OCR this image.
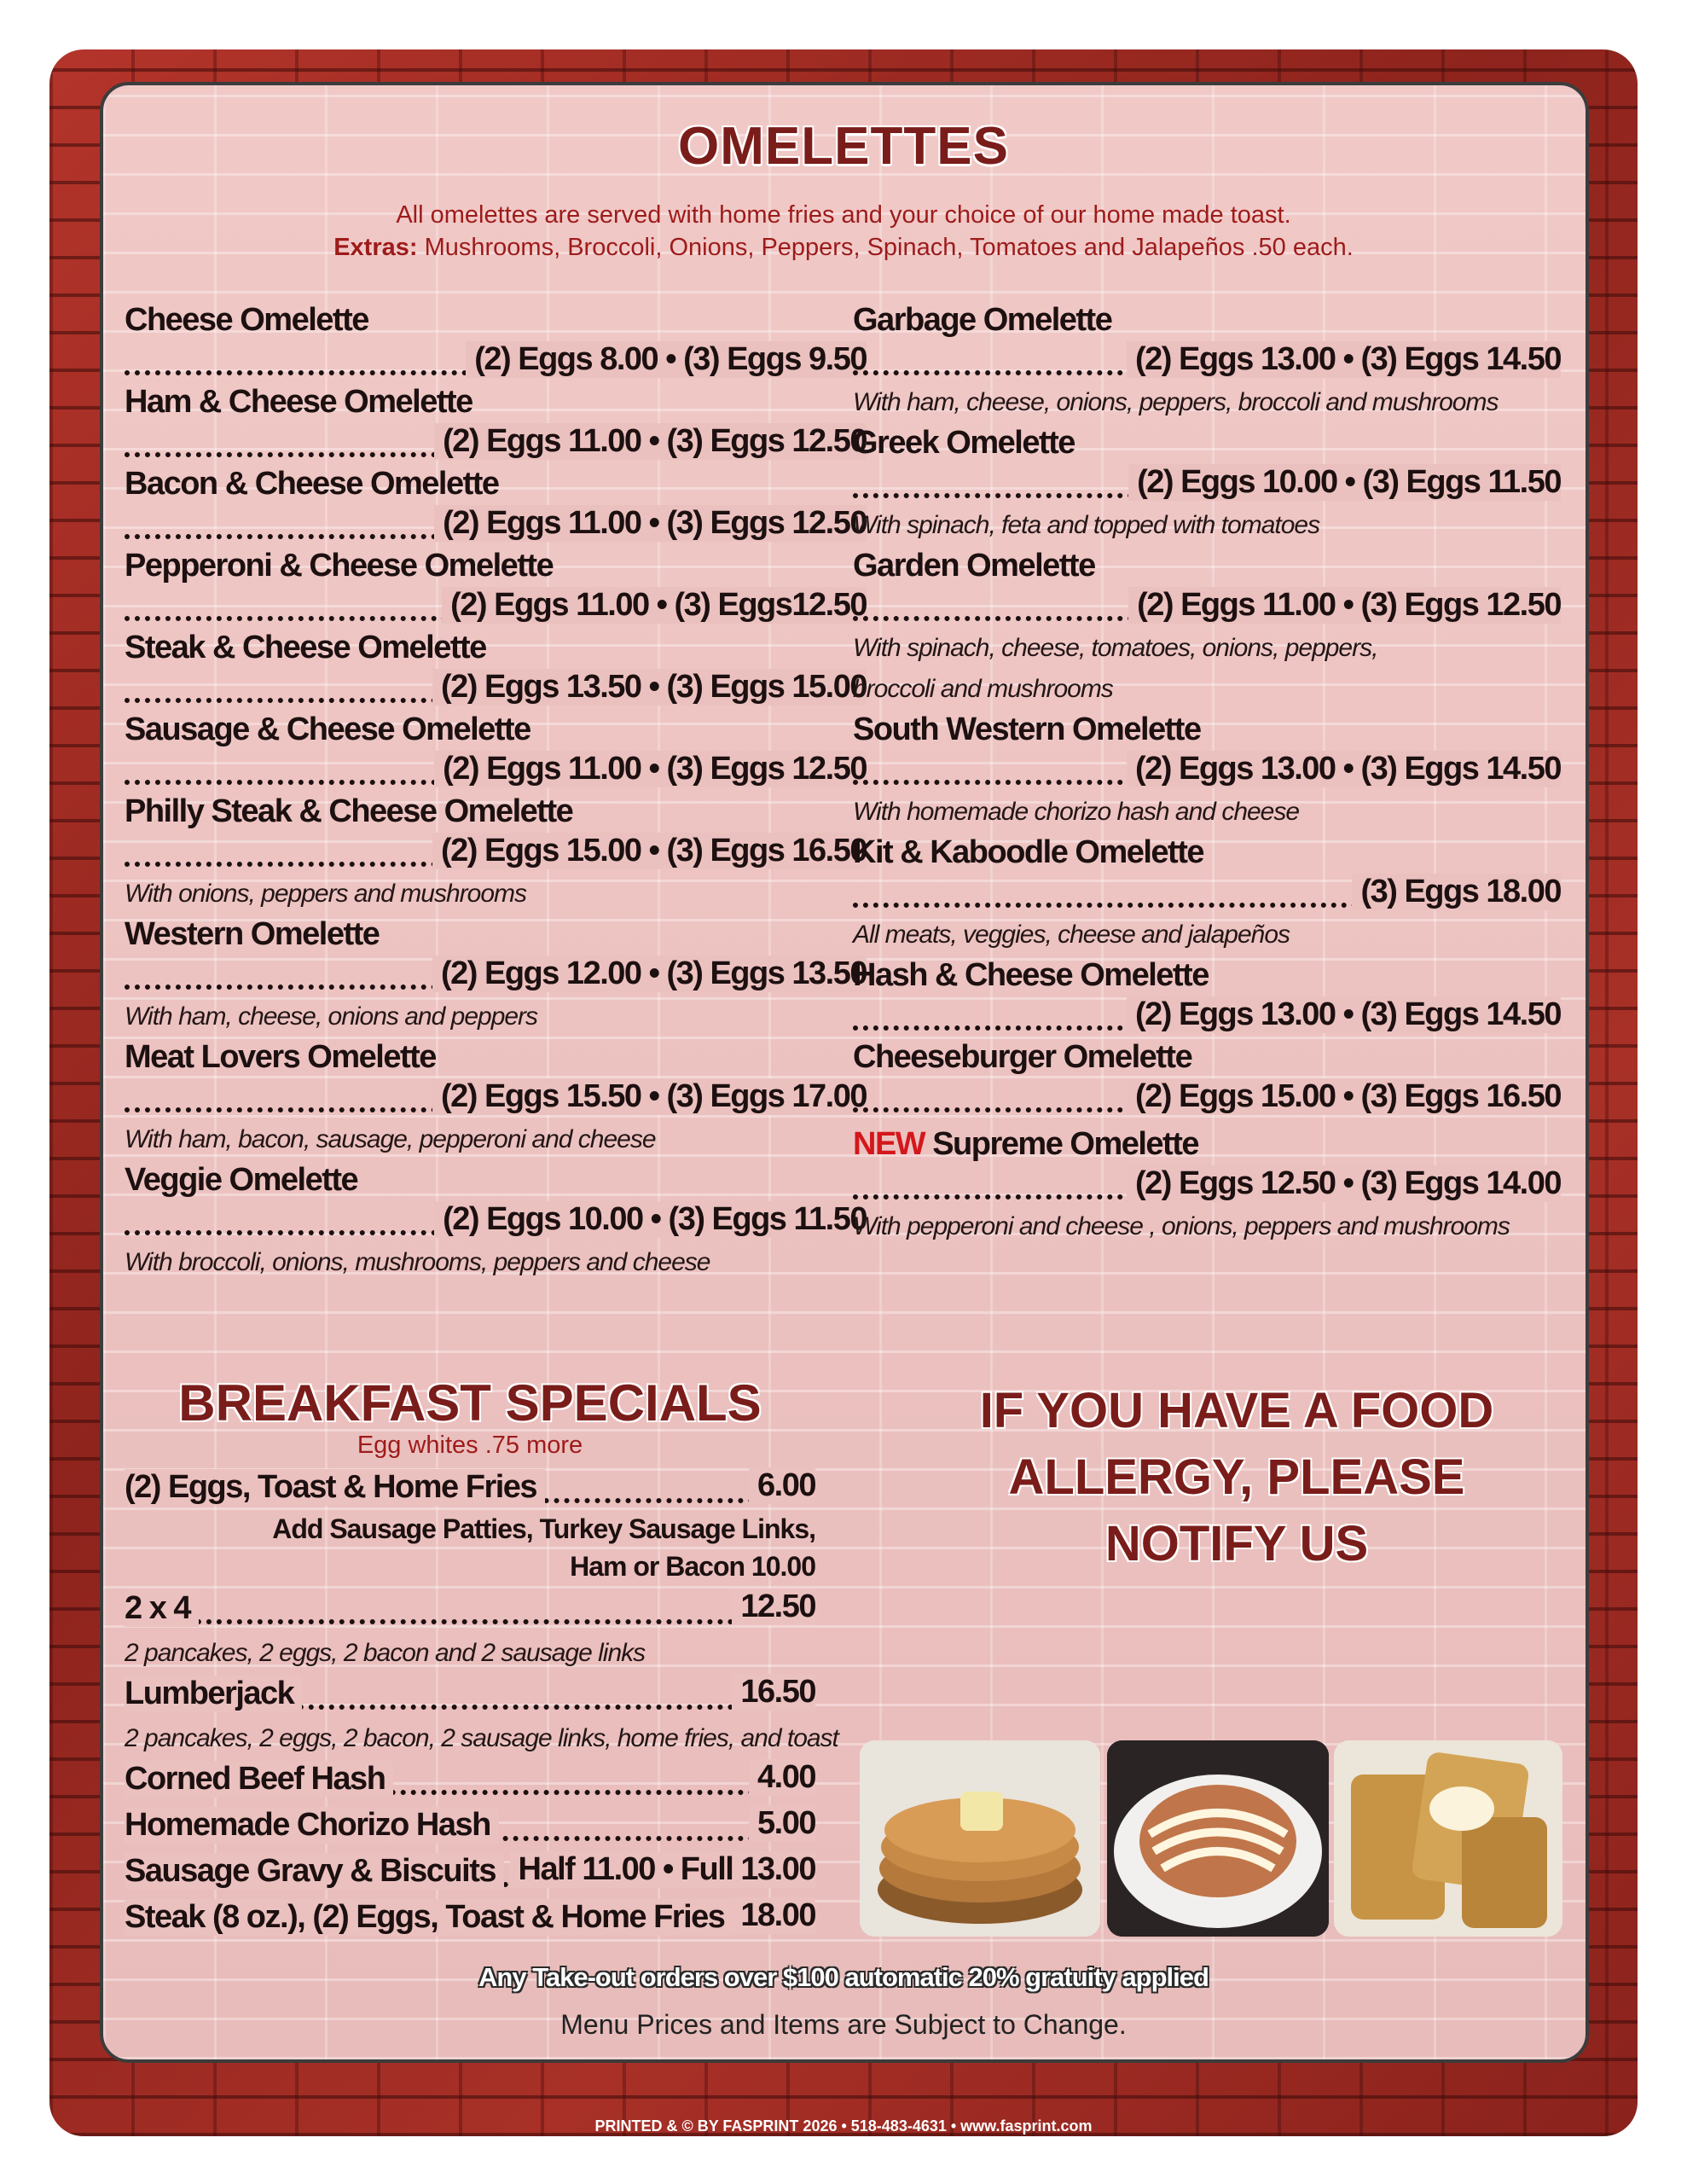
OMELETTES
All omelettes are served with home fries and your choice of our home made toast.
Extras: Mushrooms, Broccoli, Onions, Peppers, Spinach, Tomatoes and Jalapeños .50 each.
Cheese Omelette
(2) Eggs 8.00 • (3) Eggs 9.50
Ham & Cheese Omelette
(2) Eggs 11.00 • (3) Eggs 12.50
Bacon & Cheese Omelette
(2) Eggs 11.00 • (3) Eggs 12.50
Pepperoni & Cheese Omelette
(2) Eggs 11.00 • (3) Eggs12.50
Steak & Cheese Omelette
(2) Eggs 13.50 • (3) Eggs 15.00
Sausage & Cheese Omelette
(2) Eggs 11.00 • (3) Eggs 12.50
Philly Steak & Cheese Omelette
(2) Eggs 15.00 • (3) Eggs 16.50
With onions, peppers and mushrooms
Western Omelette
(2) Eggs 12.00 • (3) Eggs 13.50
With ham, cheese, onions and peppers
Meat Lovers Omelette
(2) Eggs 15.50 • (3) Eggs 17.00
With ham, bacon, sausage, pepperoni and cheese
Veggie Omelette
(2) Eggs 10.00 • (3) Eggs 11.50
With broccoli, onions, mushrooms, peppers and cheese
Garbage Omelette
(2) Eggs 13.00 • (3) Eggs 14.50
With ham, cheese, onions, peppers, broccoli and mushrooms
Greek Omelette
(2) Eggs 10.00 • (3) Eggs 11.50
With spinach, feta and topped with tomatoes
Garden Omelette
(2) Eggs 11.00 • (3) Eggs 12.50
With spinach, cheese, tomatoes, onions, peppers,
broccoli and mushrooms
South Western Omelette
(2) Eggs 13.00 • (3) Eggs 14.50
With homemade chorizo hash and cheese
Kit & Kaboodle Omelette
(3) Eggs 18.00
All meats, veggies, cheese and jalapeños
Hash & Cheese Omelette
(2) Eggs 13.00 • (3) Eggs 14.50
Cheeseburger Omelette
(2) Eggs 15.00 • (3) Eggs 16.50
NEW Supreme Omelette
(2) Eggs 12.50 • (3) Eggs 14.00
With pepperoni and cheese , onions, peppers and mushrooms
BREAKFAST SPECIALS
Egg whites .75 more
(2) Eggs, Toast & Home Fries	6.00
Add Sausage Patties, Turkey Sausage Links,
Ham or Bacon 10.00
2 x 4	12.50
2 pancakes, 2 eggs, 2 bacon and 2 sausage links
Lumberjack	16.50
2 pancakes, 2 eggs, 2 bacon, 2 sausage links, home fries, and toast
Corned Beef Hash	4.00
Homemade Chorizo Hash	5.00
Sausage Gravy & Biscuits Half 11.00 • Full 13.00
Steak (8 oz.), (2) Eggs, Toast & Home Fries 18.00
IF YOU HAVE A FOOD
ALLERGY, PLEASE
NOTIFY US
Any Take-out orders over $100 automatic 20% gratuity applied
Menu Prices and Items are Subject to Change.
PRINTED & © BY FASPRINT 2026 • 518-483-4631 • www.fasprint.com
